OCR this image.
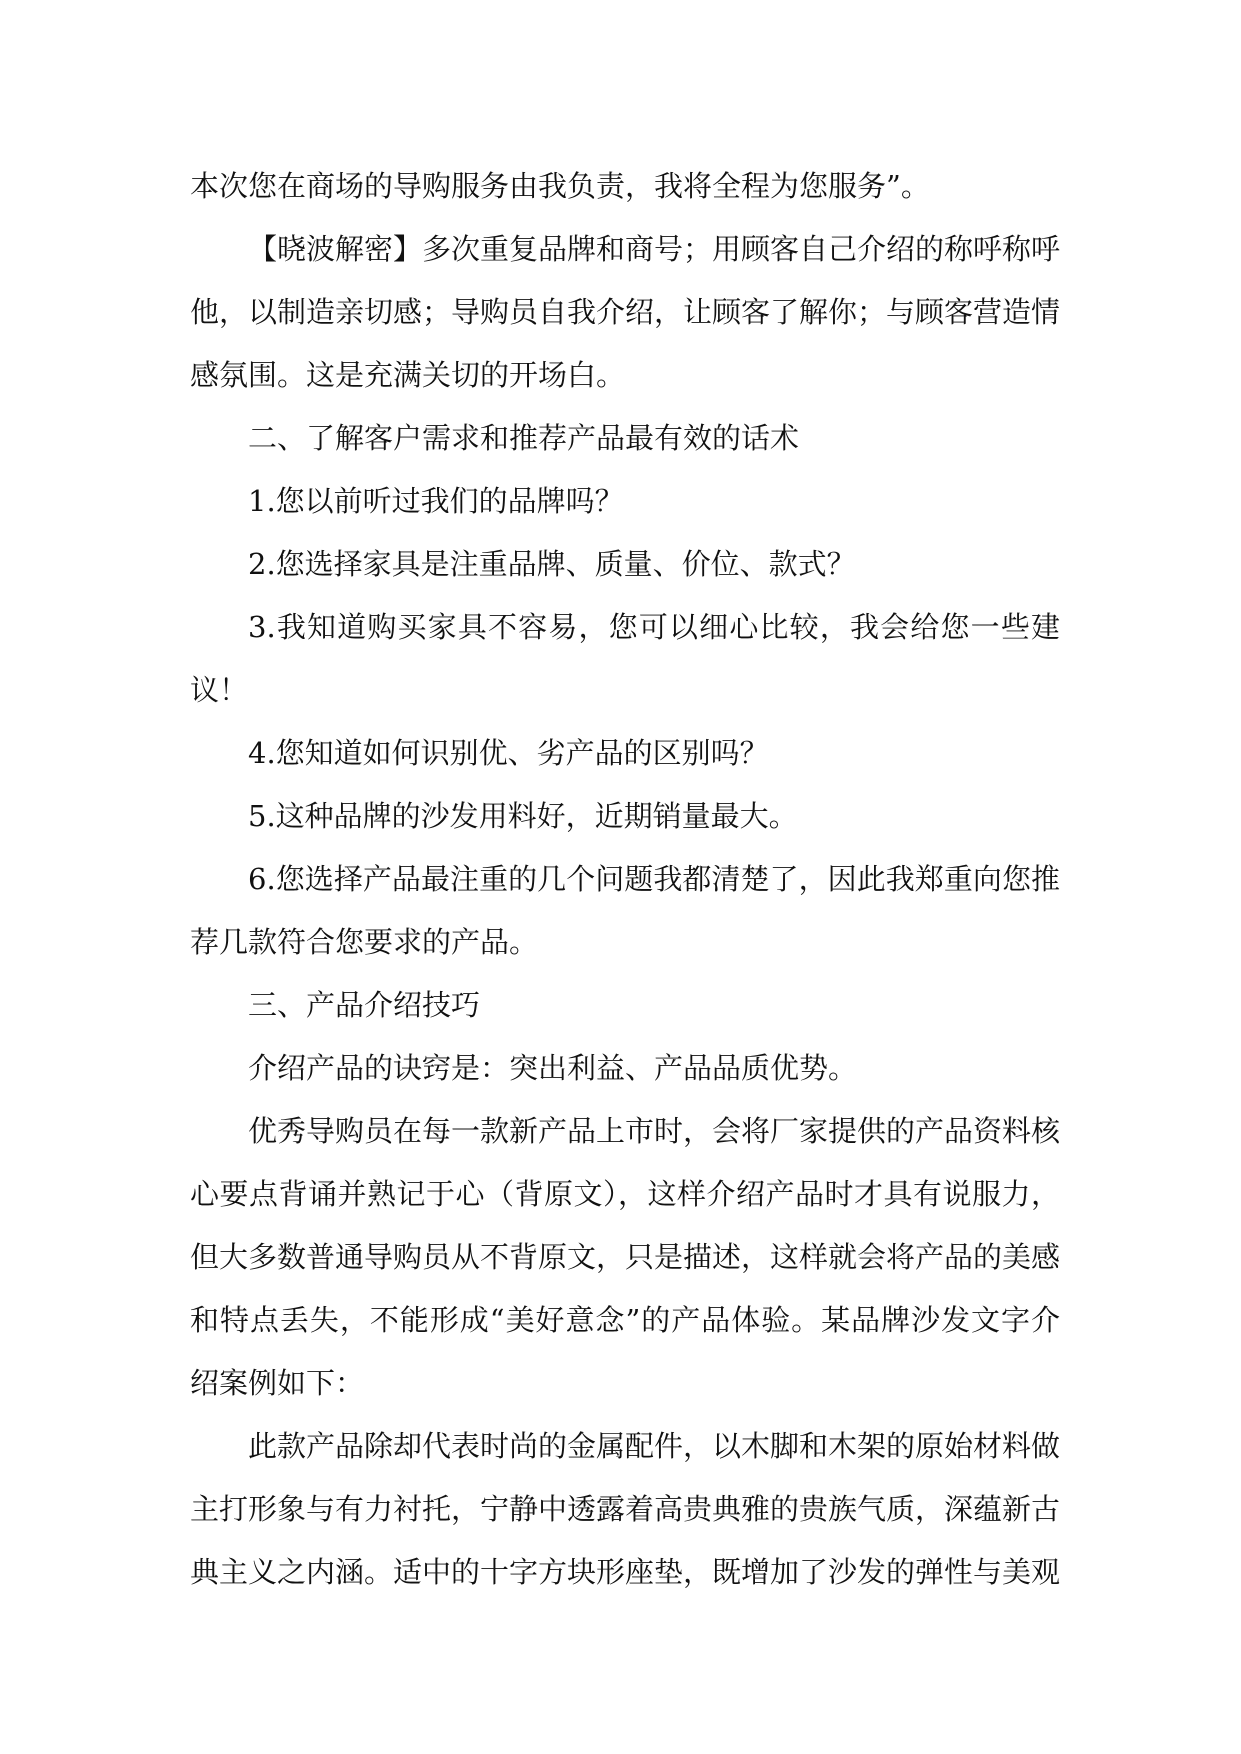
本次您在商场的导购服务由我负责，我将全程为您服务”。

【晓波解密】多次重复品牌和商号；用顾客自己介绍的称呼称呼他，以制造亲切感；导购员自我介绍，让顾客了解你；与顾客营造情感氛围。这是充满关切的开场白。

二、了解客户需求和推荐产品最有效的话术

1.您以前听过我们的品牌吗？

2.您选择家具是注重品牌、质量、价位、款式？

3.我知道购买家具不容易，您可以细心比较，我会给您一些建议！

4.您知道如何识别优、劣产品的区别吗？

5.这种品牌的沙发用料好，近期销量最大。

6.您选择产品最注重的几个问题我都清楚了，因此我郑重向您推荐几款符合您要求的产品。

三、产品介绍技巧

介绍产品的诀窍是：突出利益、产品品质优势。

优秀导购员在每一款新产品上市时，会将厂家提供的产品资料核心要点背诵并熟记于心（背原文），这样介绍产品时才具有说服力，但大多数普通导购员从不背原文，只是描述，这样就会将产品的美感和特点丢失，不能形成“美好意念”的产品体验。某品牌沙发文字介绍案例如下：

此款产品除却代表时尚的金属配件，以木脚和木架的原始材料做主打形象与有力衬托，宁静中透露着高贵典雅的贵族气质，深蕴新古典主义之内涵。适中的十字方块形座垫，既增加了沙发的弹性与美观
